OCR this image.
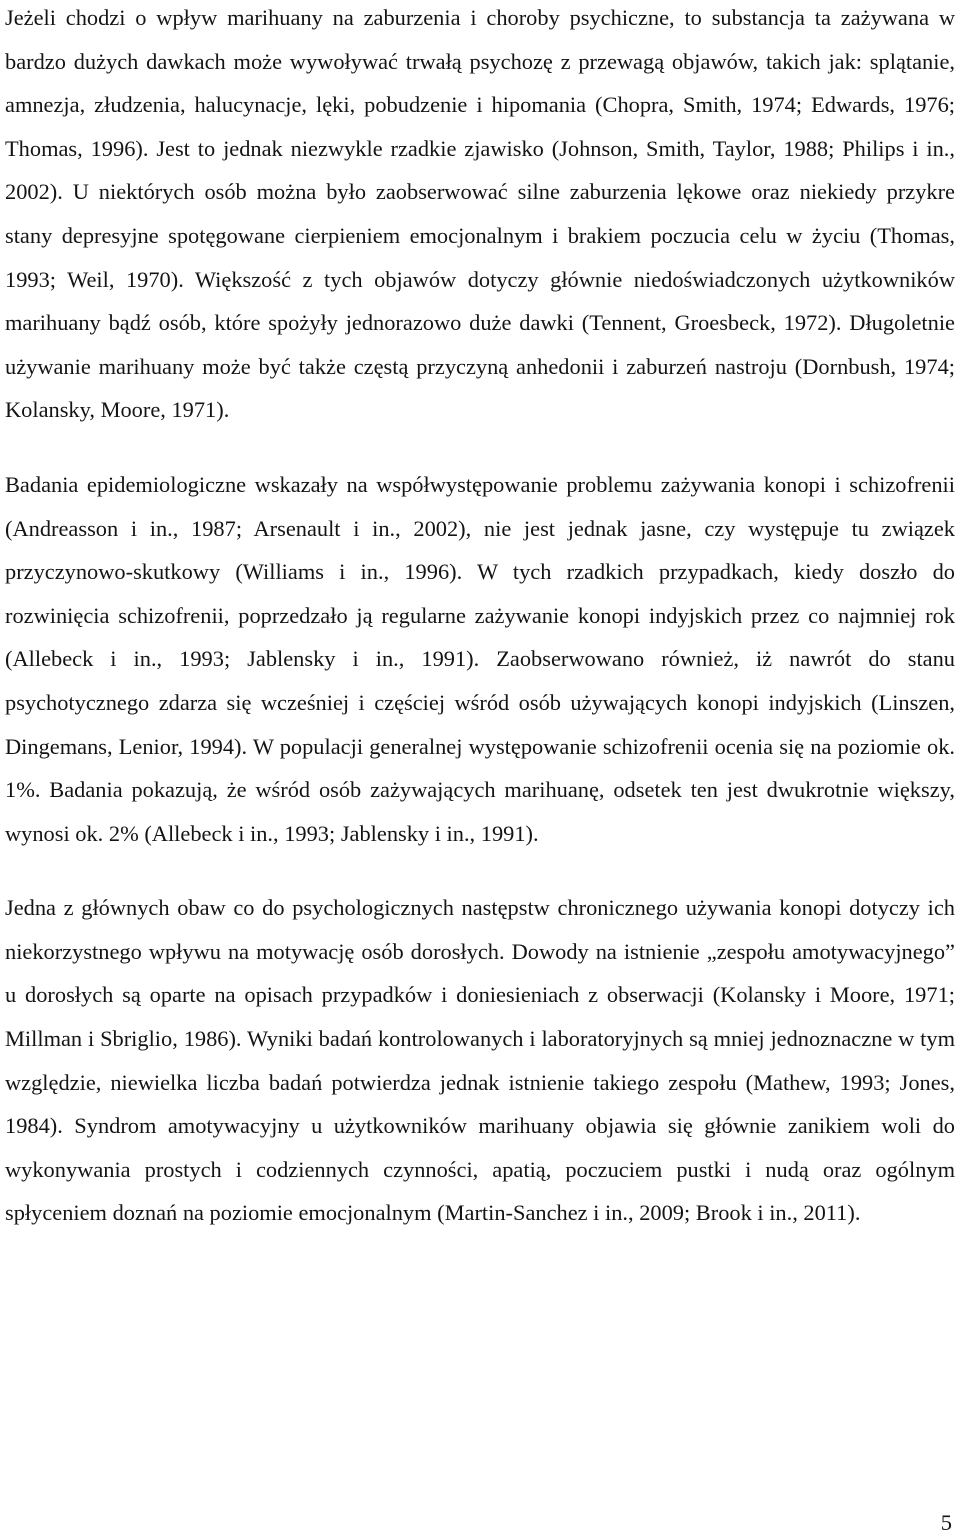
Jeżeli chodzi o wpływ marihuany na zaburzenia i choroby psychiczne, to substancja ta zażywana w bardzo dużych dawkach może wywoływać trwałą psychozę z przewagą objawów, takich jak: splątanie, amnezja, złudzenia, halucynacje, lęki, pobudzenie i hipomania (Chopra, Smith, 1974; Edwards, 1976; Thomas, 1996). Jest to jednak niezwykle rzadkie zjawisko (Johnson, Smith, Taylor, 1988; Philips i in., 2002). U niektórych osób można było zaobserwować silne zaburzenia lękowe oraz niekiedy przykre stany depresyjne spotęgowane cierpieniem emocjonalnym i brakiem poczucia celu w życiu (Thomas, 1993; Weil, 1970). Większość z tych objawów dotyczy głównie niedoświadczonych użytkowników marihuany bądź osób, które spożyły jednorazowo duże dawki (Tennent, Groesbeck, 1972). Długoletnie używanie marihuany może być także częstą przyczyną anhedonii i zaburzeń nastroju (Dornbush, 1974; Kolansky, Moore, 1971).

Badania epidemiologiczne wskazały na współwystępowanie problemu zażywania konopi i schizofrenii (Andreasson i in., 1987; Arsenault i in., 2002), nie jest jednak jasne, czy występuje tu związek przyczynowo-skutkowy (Williams i in., 1996). W tych rzadkich przypadkach, kiedy doszło do rozwinięcia schizofrenii, poprzedzało ją regularne zażywanie konopi indyjskich przez co najmniej rok (Allebeck i in., 1993; Jablensky i in., 1991). Zaobserwowano również, iż nawrót do stanu psychotycznego zdarza się wcześniej i częściej wśród osób używających konopi indyjskich (Linszen, Dingemans, Lenior, 1994). W populacji generalnej występowanie schizofrenii ocenia się na poziomie ok. 1%. Badania pokazują, że wśród osób zażywających marihuanę, odsetek ten jest dwukrotnie większy, wynosi ok. 2% (Allebeck i in., 1993; Jablensky i in., 1991).

Jedna z głównych obaw co do psychologicznych następstw chronicznego używania konopi dotyczy ich niekorzystnego wpływu na motywację osób dorosłych. Dowody na istnienie „zespołu amotywacyjnego” u dorosłych są oparte na opisach przypadków i doniesieniach z obserwacji (Kolansky i Moore, 1971; Millman i Sbriglio, 1986). Wyniki badań kontrolowanych i laboratoryjnych są mniej jednoznaczne w tym względzie, niewielka liczba badań potwierdza jednak istnienie takiego zespołu (Mathew, 1993; Jones, 1984). Syndrom amotywacyjny u użytkowników marihuany objawia się głównie zanikiem woli do wykonywania prostych i codziennych czynności, apatią, poczuciem pustki i nudą oraz ogólnym spłyceniem doznań na poziomie emocjonalnym (Martin-Sanchez i in., 2009; Brook i in., 2011).

5
